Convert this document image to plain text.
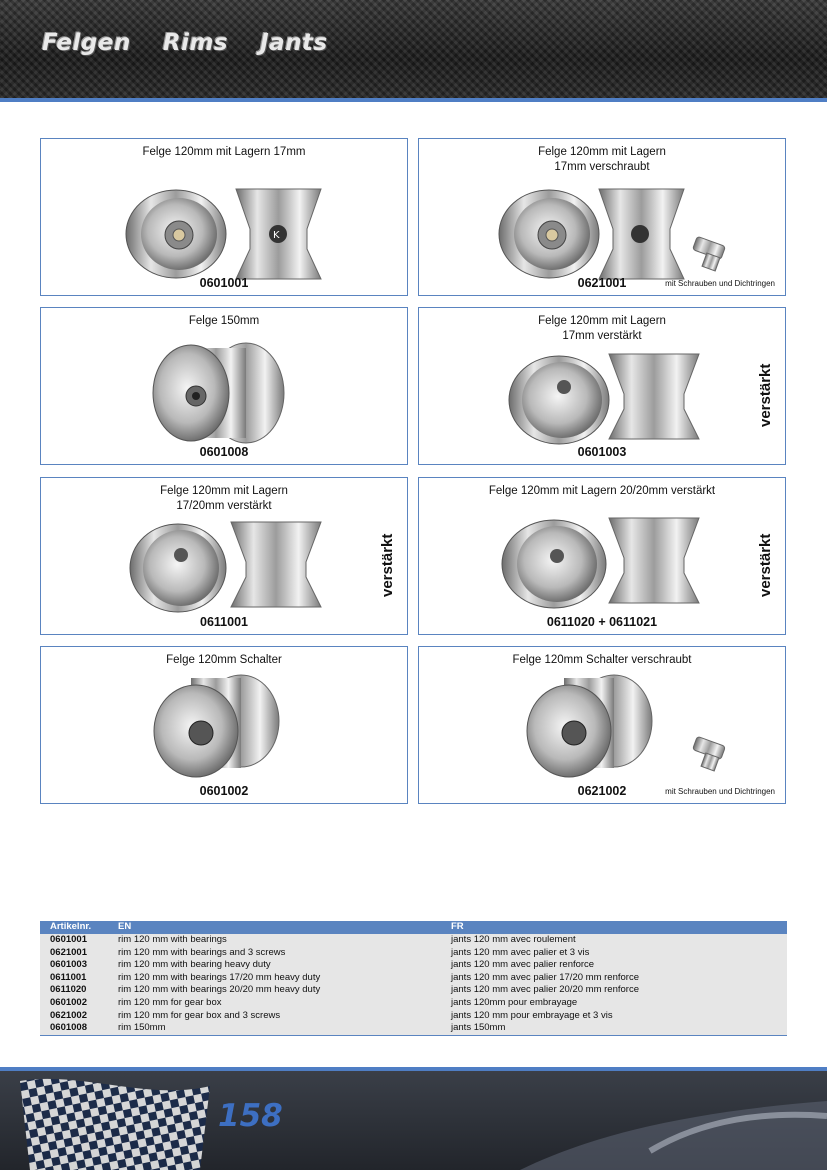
Felgen Rims Jants
Felge 120mm mit Lagern 17mm
K
0601001
Felge 120mm mit Lagern 17mm verschraubt
0621001	mit Schrauben und Dichtringen
Felge 150mm
0601008
Felge 120mm mit Lagern 17mm verstärkt
verstärkt
0601003
Felge 120mm mit Lagern 17/20mm verstärkt
verstärkt
0611001
Felge 120mm mit Lagern 20/20mm verstärkt
verstärkt
0611020 + 0611021
Felge 120mm Schalter
0601002
Felge 120mm Schalter verschraubt
0621002	mit Schrauben und Dichtringen
Artikelnr.	EN	FR
0601001	rim 120 mm with bearings	jants 120 mm avec roulement
0621001	rim 120 mm with bearings and 3 screws	jants 120 mm avec palier et 3 vis
0601003	rim 120 mm with bearing heavy duty	jants 120 mm avec palier renforce
0611001	rim 120 mm with bearings 17/20 mm heavy duty	jants 120 mm avec palier 17/20 mm renforce
0611020	rim 120 mm with bearings 20/20 mm heavy duty	jants 120 mm avec palier 20/20 mm renforce
0601002	rim 120 mm for gear box	jants 120mm pour embrayage
0621002	rim 120 mm for gear box and 3 screws	jants 120 mm pour embrayage et 3 vis
0601008	rim 150mm	jants 150mm
158
